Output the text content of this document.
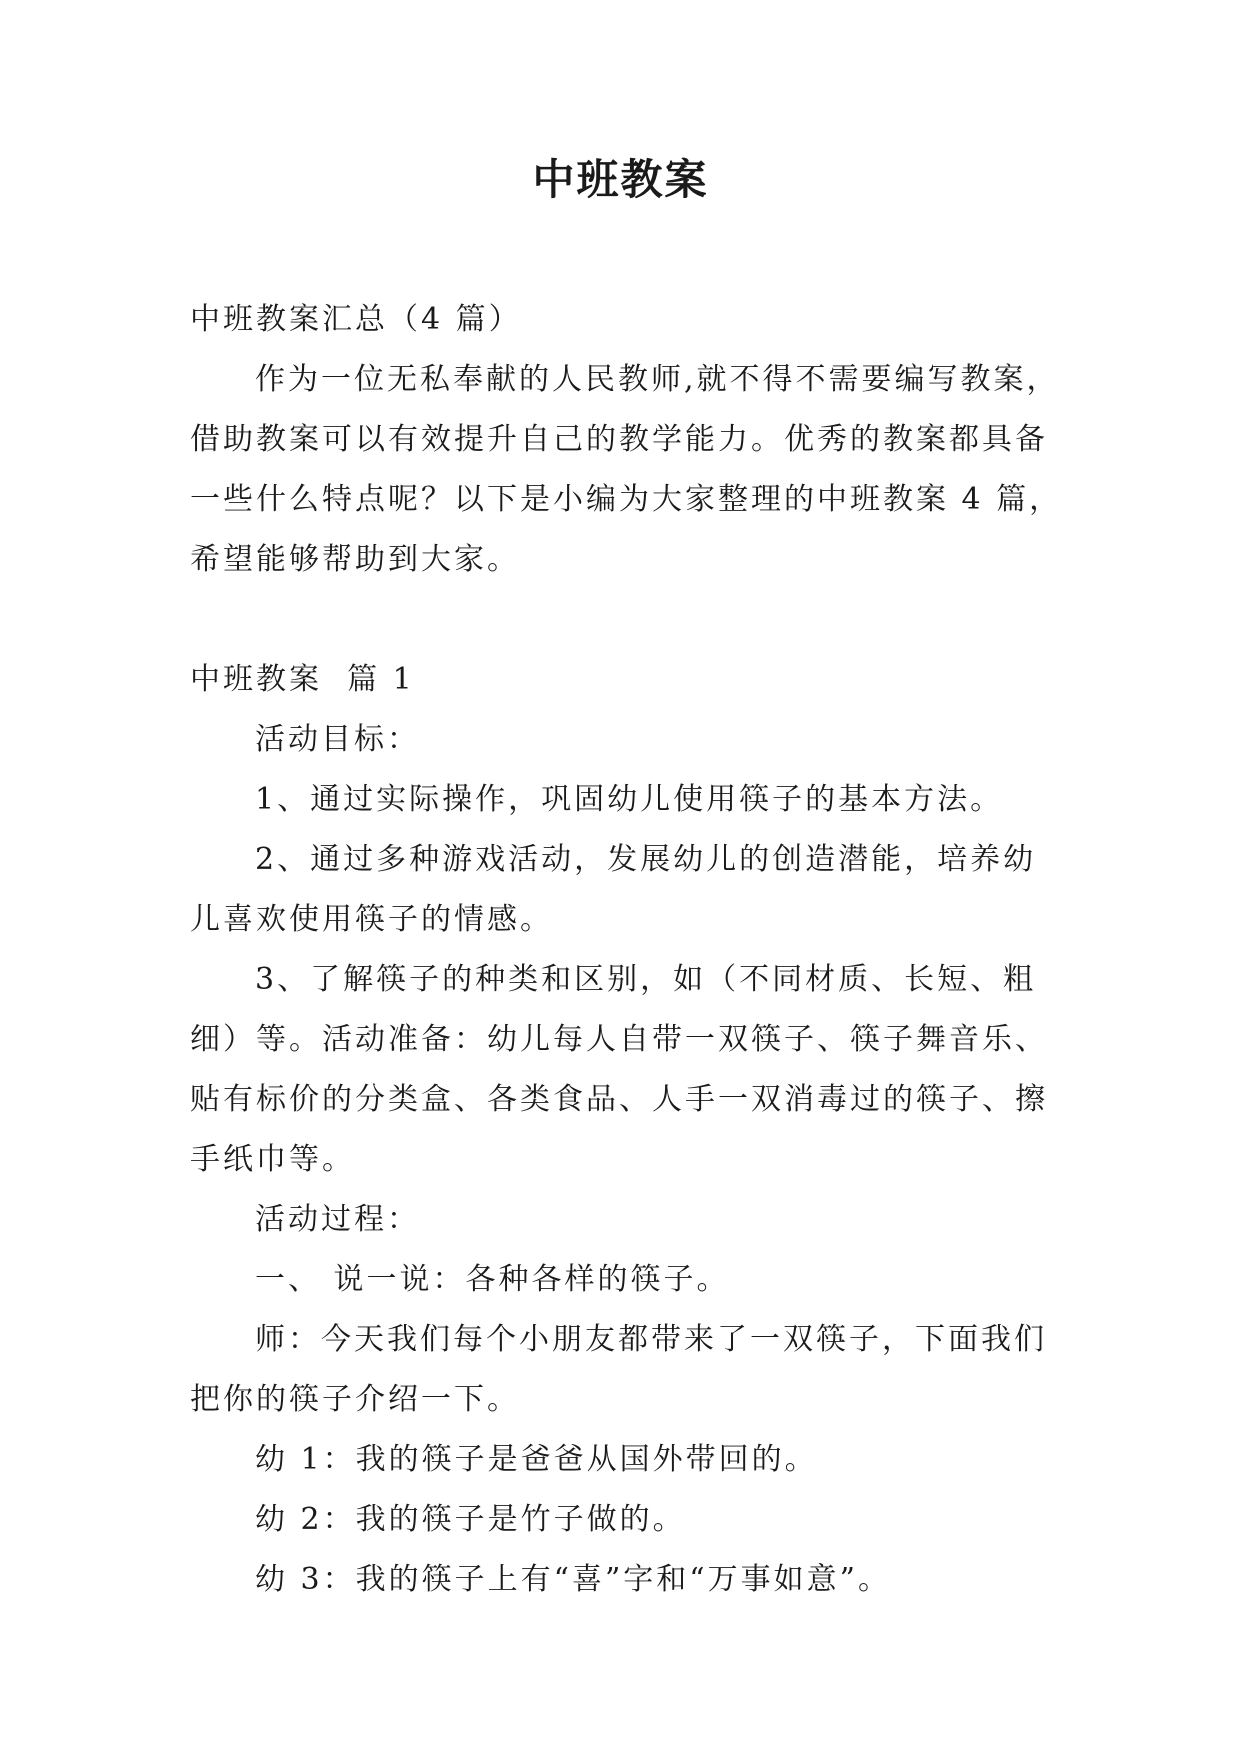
中班教案
中班教案汇总（4 篇）
作为一位无私奉献的人民教师,就不得不需要编写教案，
借助教案可以有效提升自己的教学能力。优秀的教案都具备
一些什么特点呢？以下是小编为大家整理的中班教案 4 篇，
希望能够帮助到大家。
中班教案  篇 1
活动目标：
1、通过实际操作，巩固幼儿使用筷子的基本方法。
2、通过多种游戏活动，发展幼儿的创造潜能，培养幼
儿喜欢使用筷子的情感。
3、了解筷子的种类和区别，如（不同材质、长短、粗
细）等。活动准备：幼儿每人自带一双筷子、筷子舞音乐、
贴有标价的分类盒、各类食品、人手一双消毒过的筷子、擦
手纸巾等。
活动过程：
一、 说一说：各种各样的筷子。
师：今天我们每个小朋友都带来了一双筷子，下面我们
把你的筷子介绍一下。
幼 1：我的筷子是爸爸从国外带回的。
幼 2：我的筷子是竹子做的。
幼 3：我的筷子上有“喜”字和“万事如意”。
